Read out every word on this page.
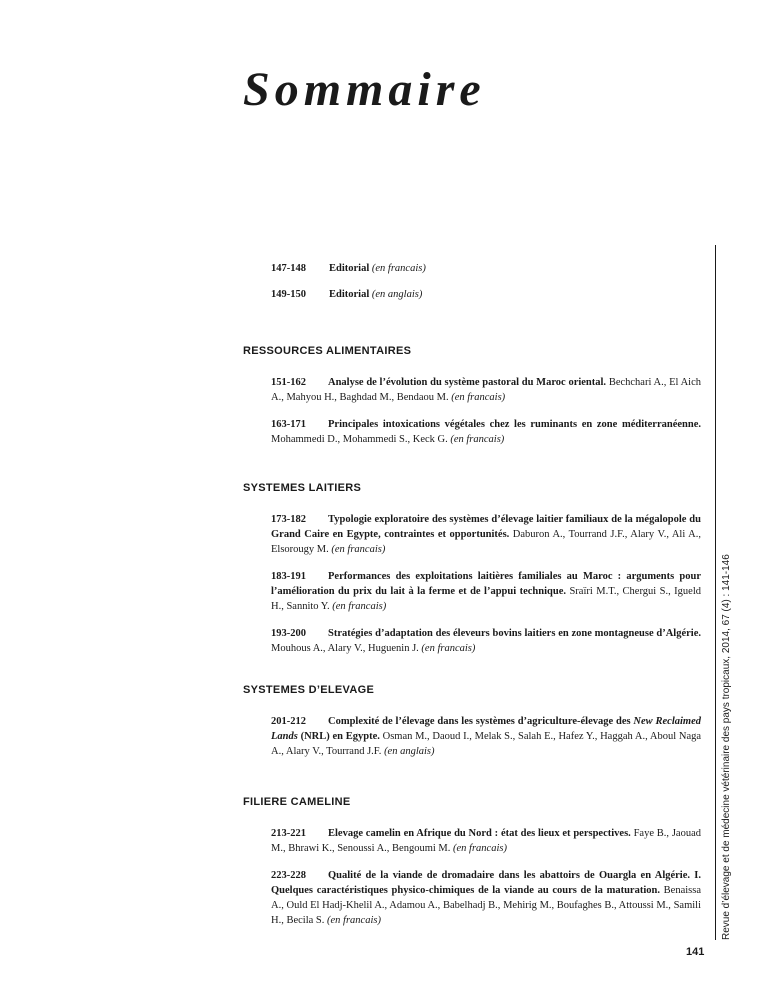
Sommaire
147-148	Editorial (en francais)
149-150	Editorial (en anglais)
RESSOURCES ALIMENTAIRES

151-162 Analyse de l’évolution du système pastoral du Maroc oriental. Bechchari A., El Aich A., Mahyou H., Baghdad M., Bendaou M. (en francais)

163-171 Principales intoxications végétales chez les ruminants en zone méditerranéenne. Mohammedi D., Mohammedi S., Keck G. (en francais)

SYSTEMES LAITIERS

173-182 Typologie exploratoire des systèmes d’élevage laitier familiaux de la mégalopole du Grand Caire en Egypte, contraintes et opportunités. Daburon A., Tourrand J.F., Alary V., Ali A., Elsorougy M. (en francais)

183-191 Performances des exploitations laitières familiales au Maroc : arguments pour l’amélioration du prix du lait à la ferme et de l’appui technique. Sraïri M.T., Chergui S., Igueld H., Sannito Y. (en francais)

193-200 Stratégies d’adaptation des éleveurs bovins laitiers en zone montagneuse d’Algérie. Mouhous A., Alary V., Huguenin J. (en francais)

SYSTEMES D’ELEVAGE

201-212 Complexité de l’élevage dans les systèmes d’agriculture-élevage des New Reclaimed Lands (NRL) en Egypte. Osman M., Daoud I., Melak S., Salah E., Hafez Y., Haggah A., Aboul Naga A., Alary V., Tourrand J.F. (en anglais)

FILIERE CAMELINE

213-221 Elevage camelin en Afrique du Nord : état des lieux et perspectives. Faye B., Jaouad M., Bhrawi K., Senoussi A., Bengoumi M. (en francais)

223-228 Qualité de la viande de dromadaire dans les abattoirs de Ouargla en Algérie. I. Quelques caractéristiques physico-chimiques de la viande au cours de la maturation. Benaissa A., Ould El Hadj-Khelil A., Adamou A., Babelhadj B., Mehirig M., Boufaghes B., Attoussi M., Samili H., Becila S. (en francais)	Revue d’élevage et de médecine vétérinaire des pays tropicaux, 2014, 67 (4) : 141-146
141
